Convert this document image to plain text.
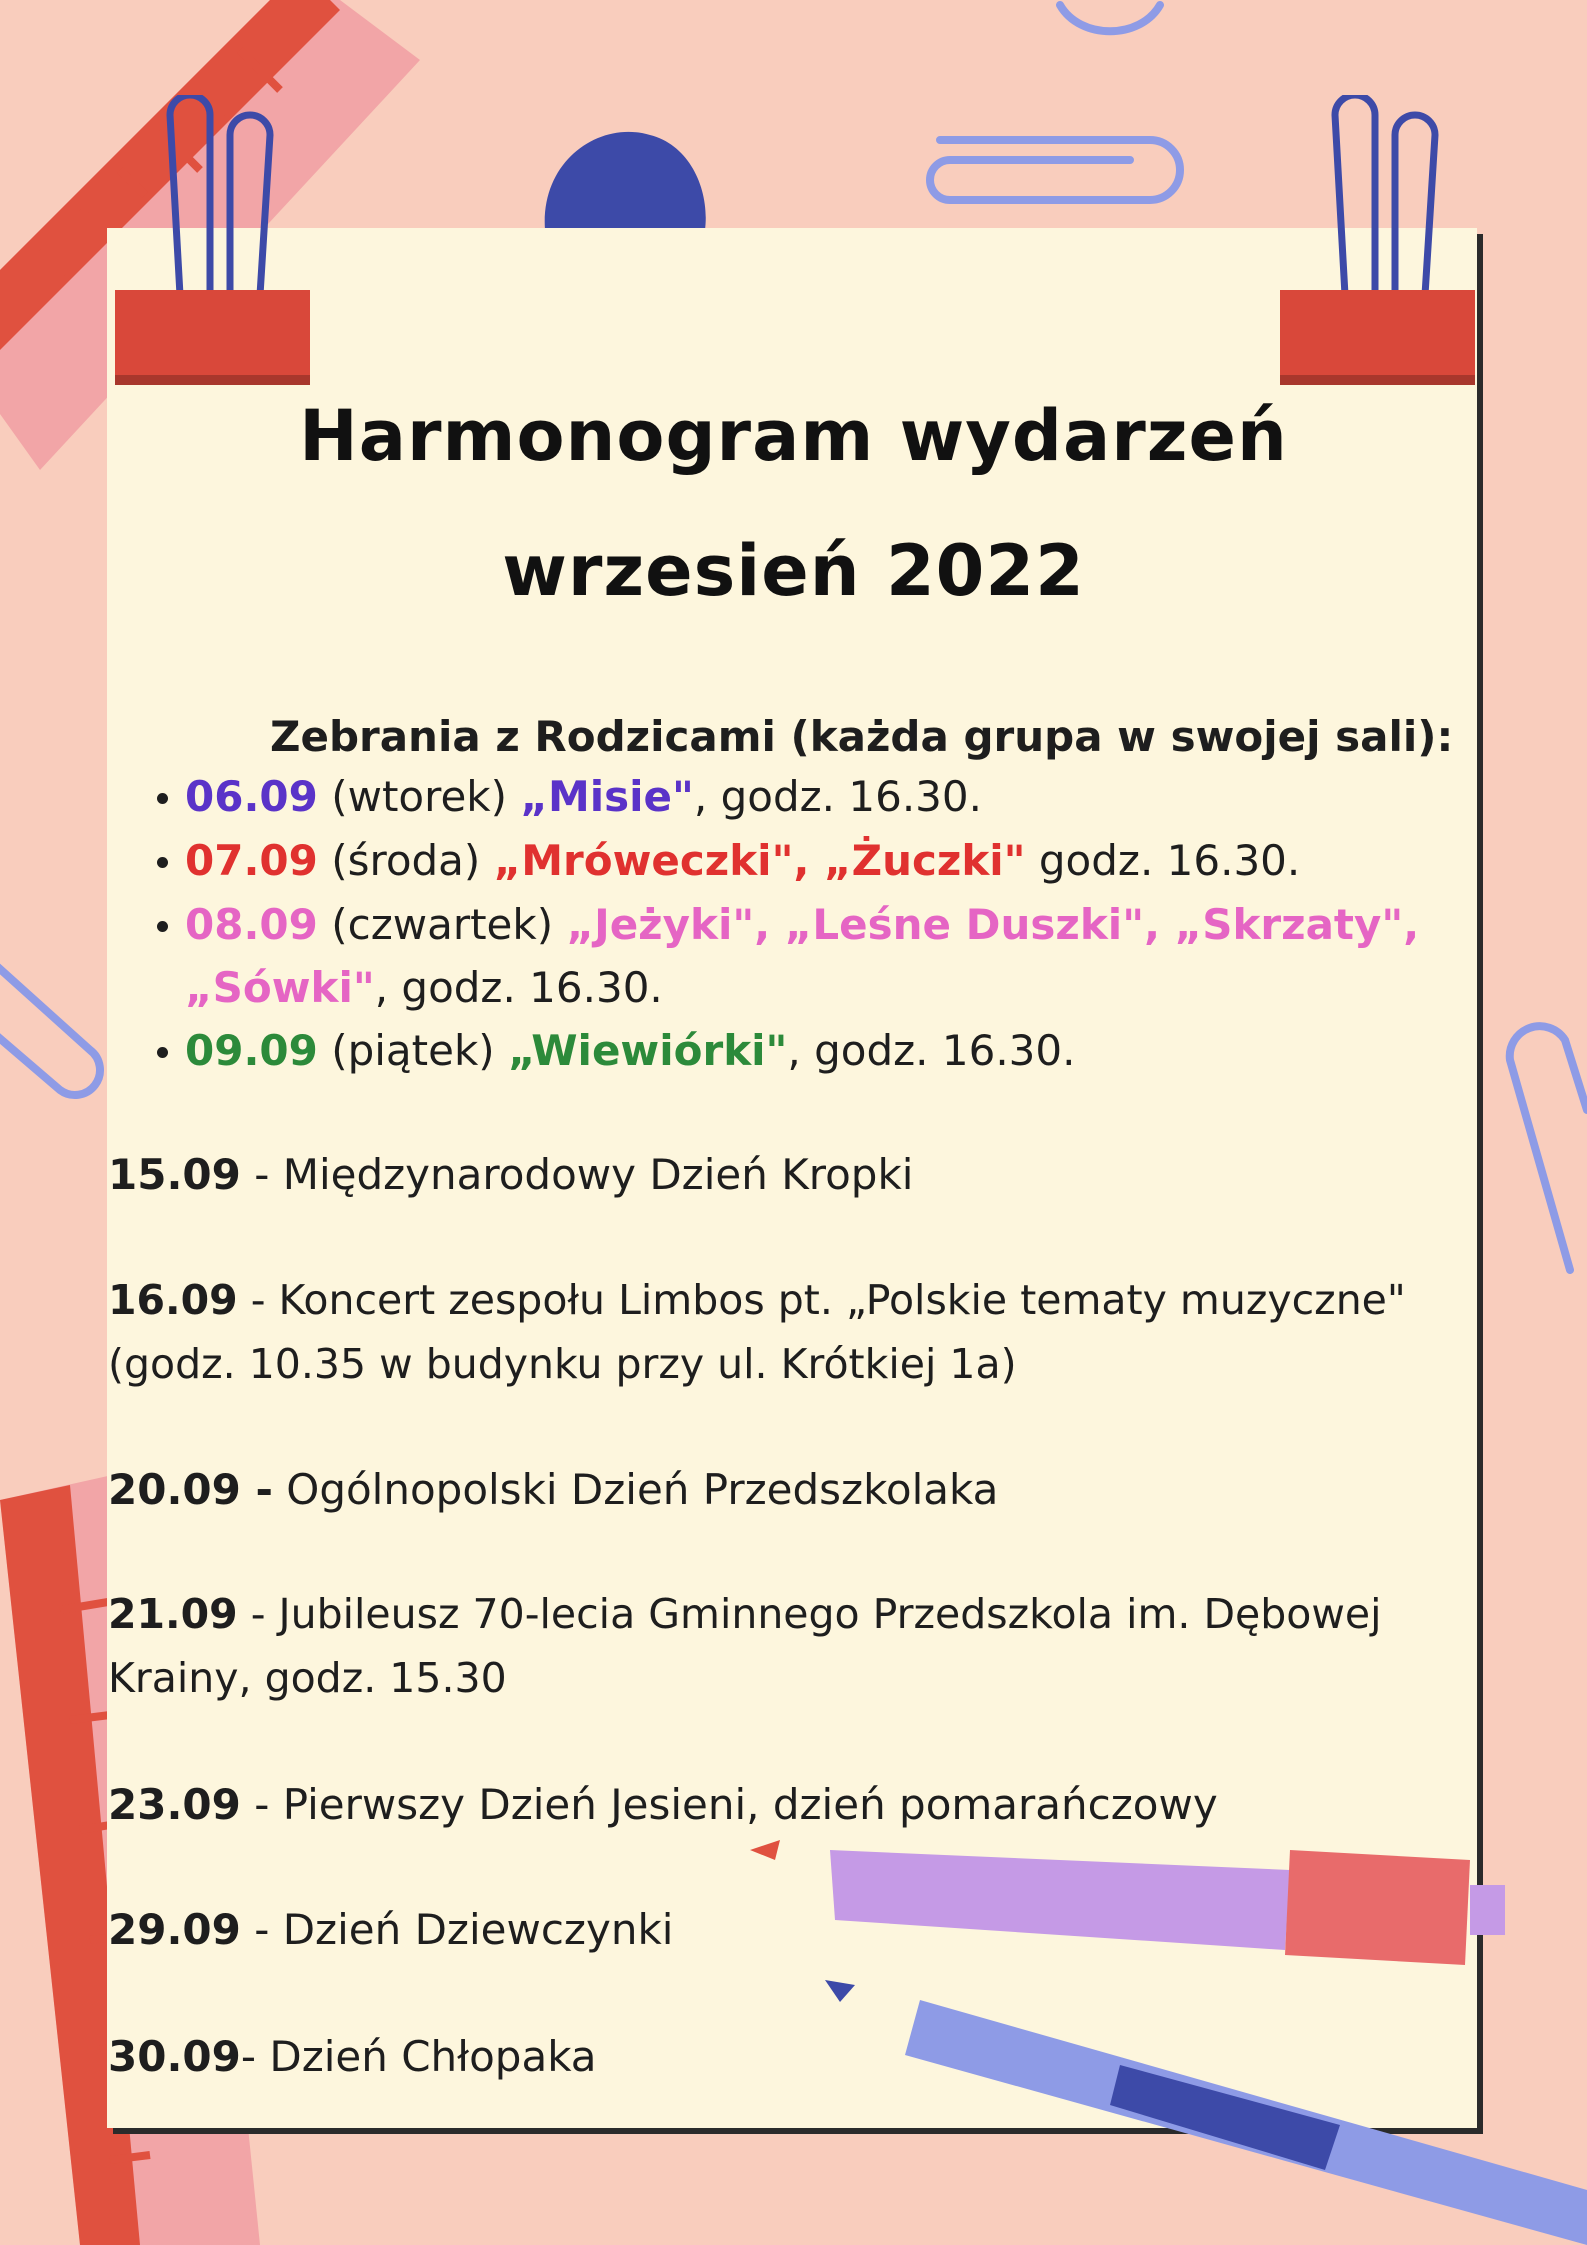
Harmonogram wydarzeń
wrzesień 2022
Zebrania z Rodzicami (każda grupa w swojej sali):
06.09 (wtorek) „Misie", godz. 16.30.
07.09 (środa) „Mróweczki", „Żuczki" godz. 16.30.
08.09 (czwartek) „Jeżyki", „Leśne Duszki", „Skrzaty",
„Sówki", godz. 16.30.
09.09 (piątek) „Wiewiórki", godz. 16.30.
15.09 - Międzynarodowy Dzień Kropki
16.09 - Koncert zespołu Limbos pt. „Polskie tematy muzyczne"
(godz. 10.35 w budynku przy ul. Krótkiej 1a)
20.09 - Ogólnopolski Dzień Przedszkolaka
21.09 - Jubileusz 70-lecia Gminnego Przedszkola im. Dębowej
Krainy, godz. 15.30
23.09 - Pierwszy Dzień Jesieni, dzień pomarańczowy
29.09 - Dzień Dziewczynki
30.09- Dzień Chłopaka
